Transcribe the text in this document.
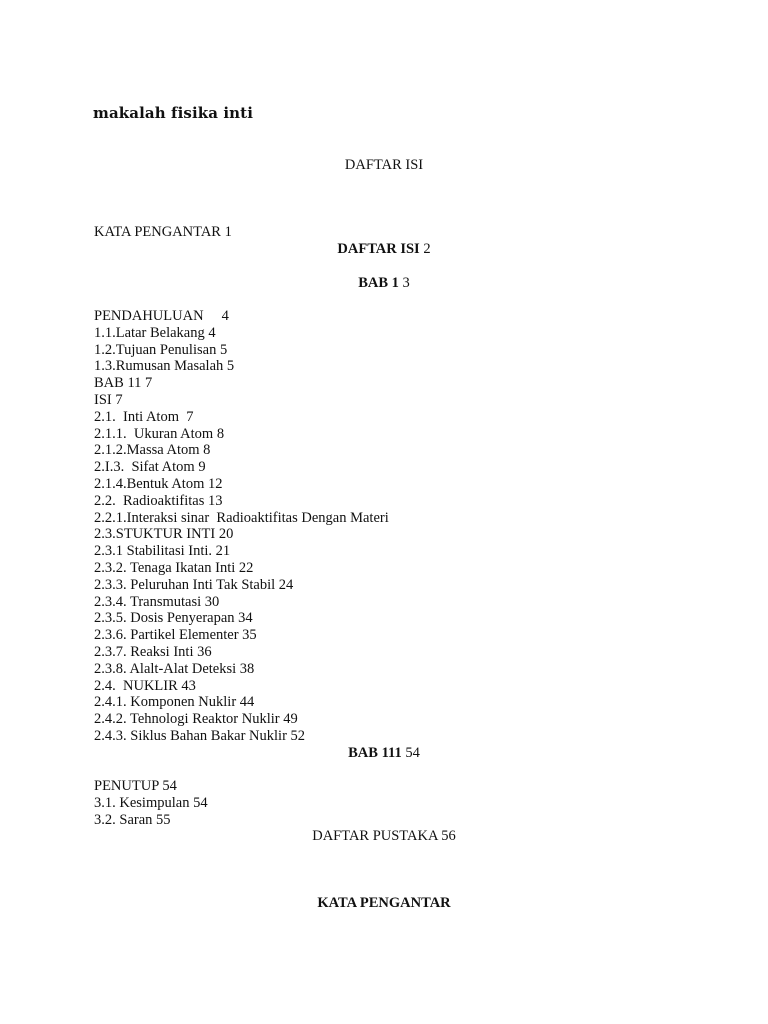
makalah fisika inti
DAFTAR ISI
KATA PENGANTAR 1
DAFTAR ISI 2
BAB 1 3
PENDAHULUAN     4
1.1.Latar Belakang 4
1.2.Tujuan Penulisan 5
1.3.Rumusan Masalah 5
BAB 11 7
ISI 7
2.1.  Inti Atom  7
2.1.1.  Ukuran Atom 8
2.1.2.Massa Atom 8
2.I.3.  Sifat Atom 9
2.1.4.Bentuk Atom 12
2.2.  Radioaktifitas 13
2.2.1.Interaksi sinar  Radioaktifitas Dengan Materi
2.3.STUKTUR INTI 20
2.3.1 Stabilitasi Inti. 21
2.3.2. Tenaga Ikatan Inti 22
2.3.3. Peluruhan Inti Tak Stabil 24
2.3.4. Transmutasi 30
2.3.5. Dosis Penyerapan 34
2.3.6. Partikel Elementer 35
2.3.7. Reaksi Inti 36
2.3.8. Alalt-Alat Deteksi 38
2.4.  NUKLIR 43
2.4.1. Komponen Nuklir 44
2.4.2. Tehnologi Reaktor Nuklir 49
2.4.3. Siklus Bahan Bakar Nuklir 52
BAB 111 54
PENUTUP 54
3.1. Kesimpulan 54
3.2. Saran 55
DAFTAR PUSTAKA 56
KATA PENGANTAR
